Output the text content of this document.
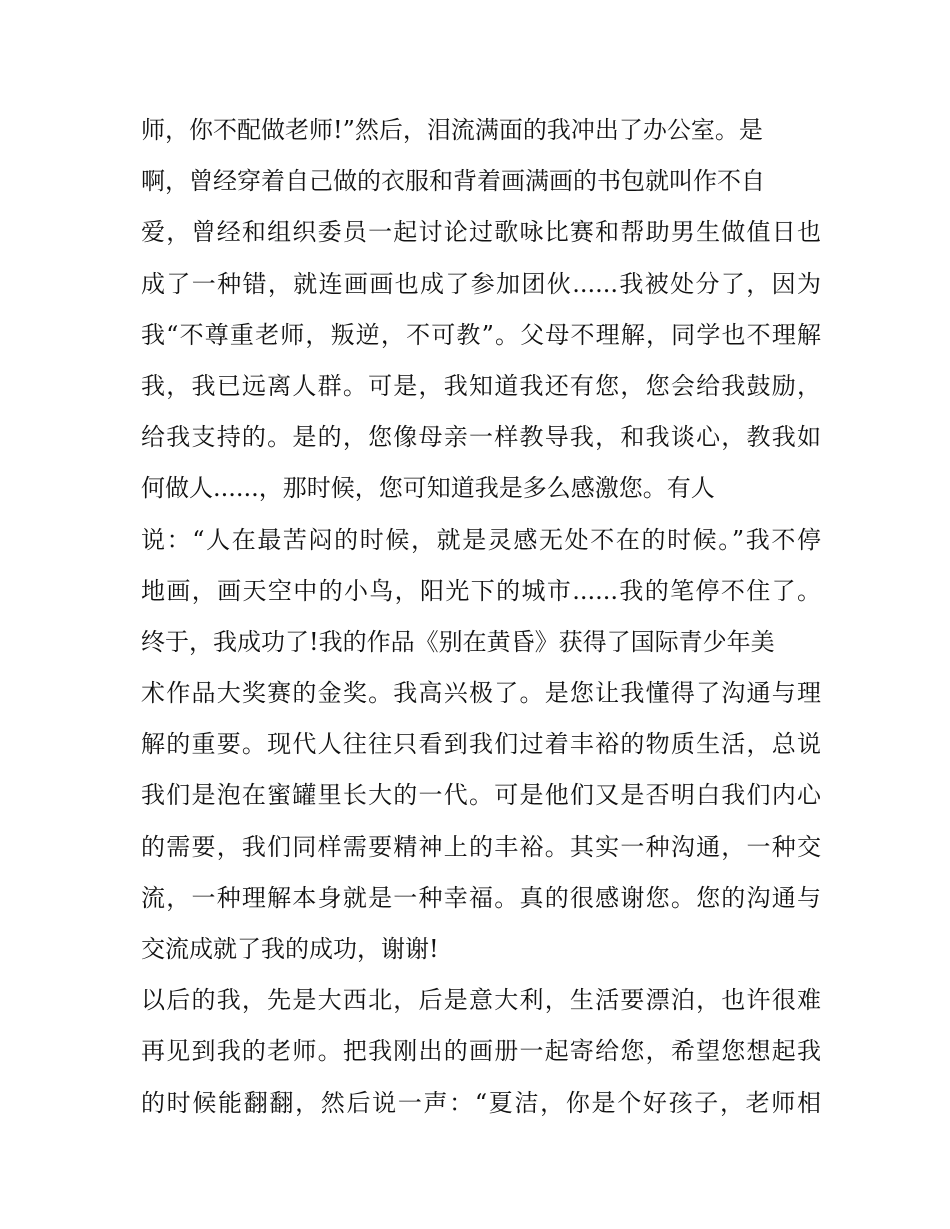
师，你不配做老师!”然后，泪流满面的我冲出了办公室。是
啊，曾经穿着自己做的衣服和背着画满画的书包就叫作不自
爱，曾经和组织委员一起讨论过歌咏比赛和帮助男生做值日也
成了一种错，就连画画也成了参加团伙......我被处分了，因为
我“不尊重老师，叛逆，不可教”。父母不理解，同学也不理解
我，我已远离人群。可是，我知道我还有您，您会给我鼓励，
给我支持的。是的，您像母亲一样教导我，和我谈心，教我如
何做人......，那时候，您可知道我是多么感激您。有人
说：“人在最苦闷的时候，就是灵感无处不在的时候。”我不停
地画，画天空中的小鸟，阳光下的城市......我的笔停不住了。
终于，我成功了!我的作品《别在黄昏》获得了国际青少年美
术作品大奖赛的金奖。我高兴极了。是您让我懂得了沟通与理
解的重要。现代人往往只看到我们过着丰裕的物质生活，总说
我们是泡在蜜罐里长大的一代。可是他们又是否明白我们内心
的需要，我们同样需要精神上的丰裕。其实一种沟通，一种交
流，一种理解本身就是一种幸福。真的很感谢您。您的沟通与
交流成就了我的成功，谢谢!
以后的我，先是大西北，后是意大利，生活要漂泊，也许很难
再见到我的老师。把我刚出的画册一起寄给您，希望您想起我
的时候能翻翻，然后说一声：“夏洁，你是个好孩子，老师相
